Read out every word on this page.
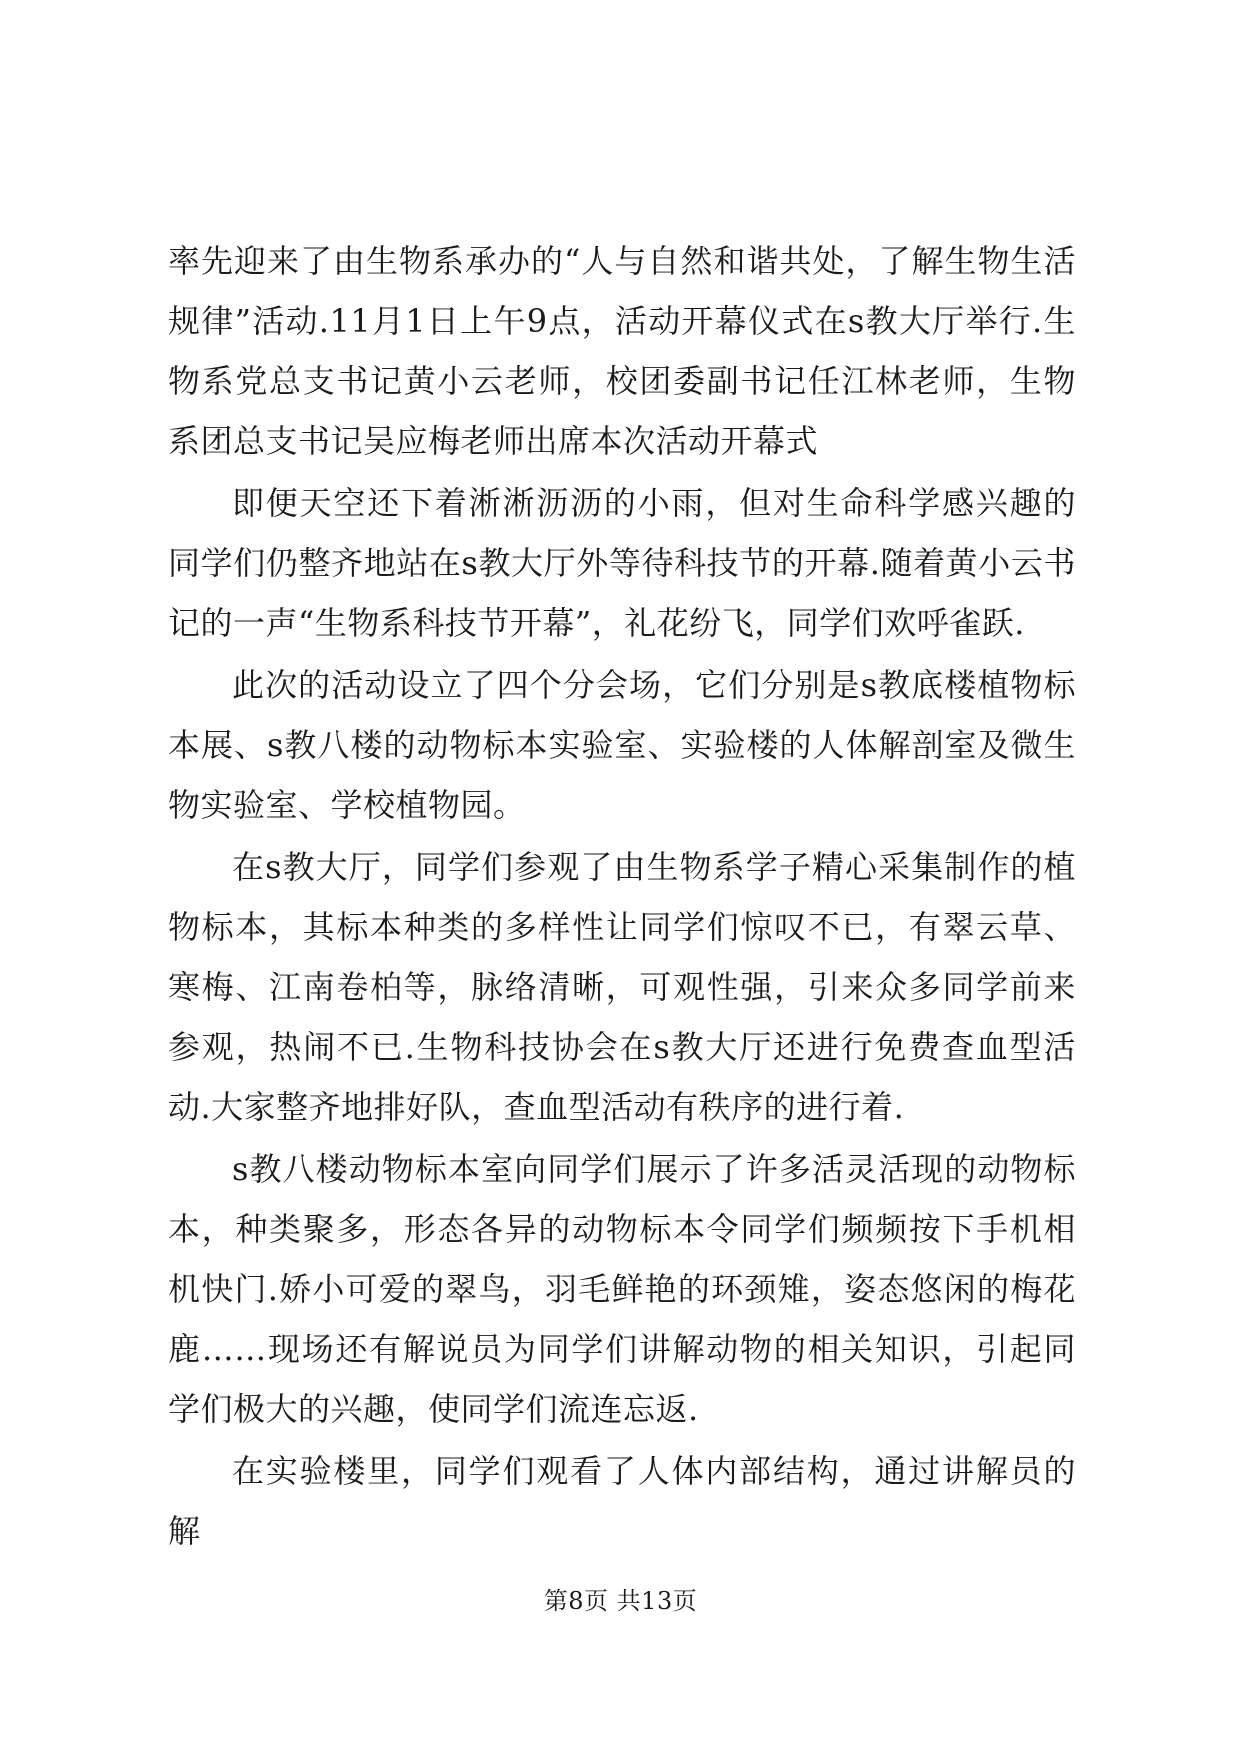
率先迎来了由生物系承办的“人与自然和谐共处，了解生物生活规律”活动.11月1日上午9点，活动开幕仪式在s教大厅举行.生物系党总支书记黄小云老师，校团委副书记任江林老师，生物系团总支书记吴应梅老师出席本次活动开幕式

即便天空还下着淅淅沥沥的小雨，但对生命科学感兴趣的同学们仍整齐地站在s教大厅外等待科技节的开幕.随着黄小云书记的一声“生物系科技节开幕”，礼花纷飞，同学们欢呼雀跃.

此次的活动设立了四个分会场，它们分别是s教底楼植物标本展、s教八楼的动物标本实验室、实验楼的人体解剖室及微生物实验室、学校植物园。

在s教大厅，同学们参观了由生物系学子精心采集制作的植物标本，其标本种类的多样性让同学们惊叹不已，有翠云草、寒梅、江南卷柏等，脉络清晰，可观性强，引来众多同学前来参观，热闹不已.生物科技协会在s教大厅还进行免费查血型活动.大家整齐地排好队，查血型活动有秩序的进行着.

s教八楼动物标本室向同学们展示了许多活灵活现的动物标本，种类聚多，形态各异的动物标本令同学们频频按下手机相机快门.娇小可爱的翠鸟，羽毛鲜艳的环颈雉，姿态悠闲的梅花鹿……现场还有解说员为同学们讲解动物的相关知识，引起同学们极大的兴趣，使同学们流连忘返.

在实验楼里，同学们观看了人体内部结构，通过讲解员的解

第8页 共13页
